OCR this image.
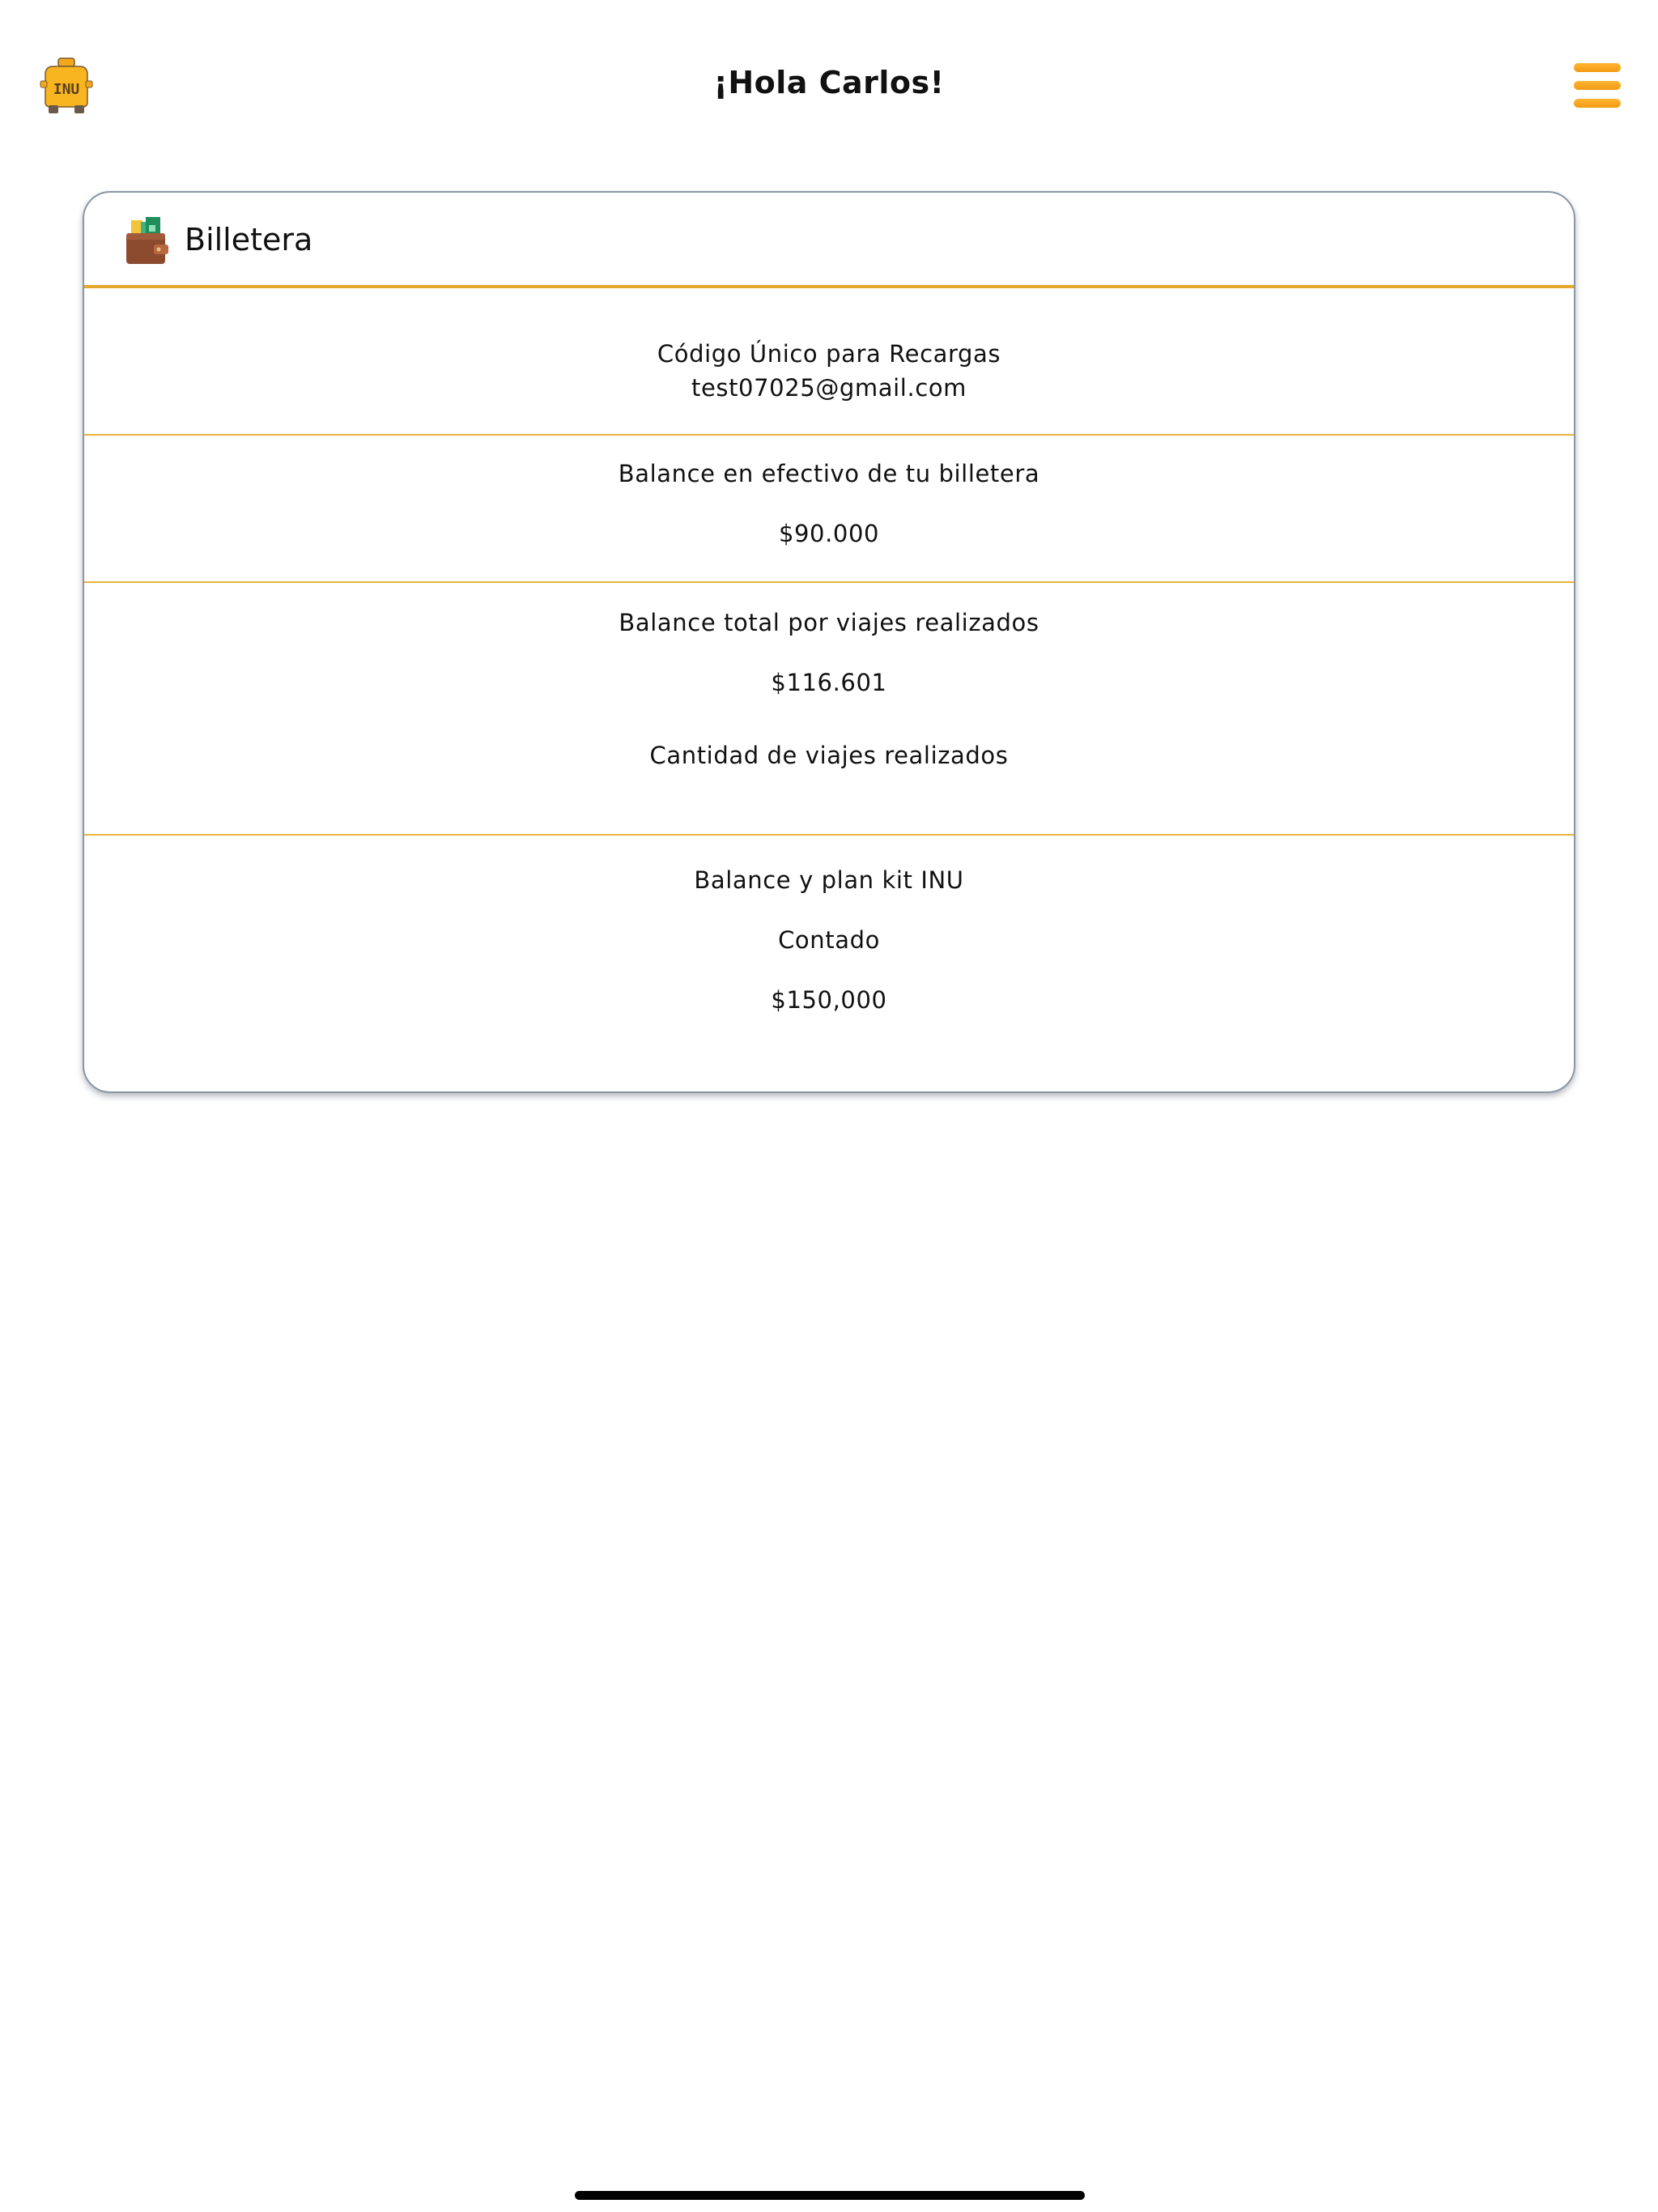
INU	¡Hola Carlos!
Billetera
Código Único para Recargas
test07025@gmail.com
Balance en efectivo de tu billetera
$90.000
Balance total por viajes realizados
$116.601
Cantidad de viajes realizados
Balance y plan kit INU
Contado
$150,000
